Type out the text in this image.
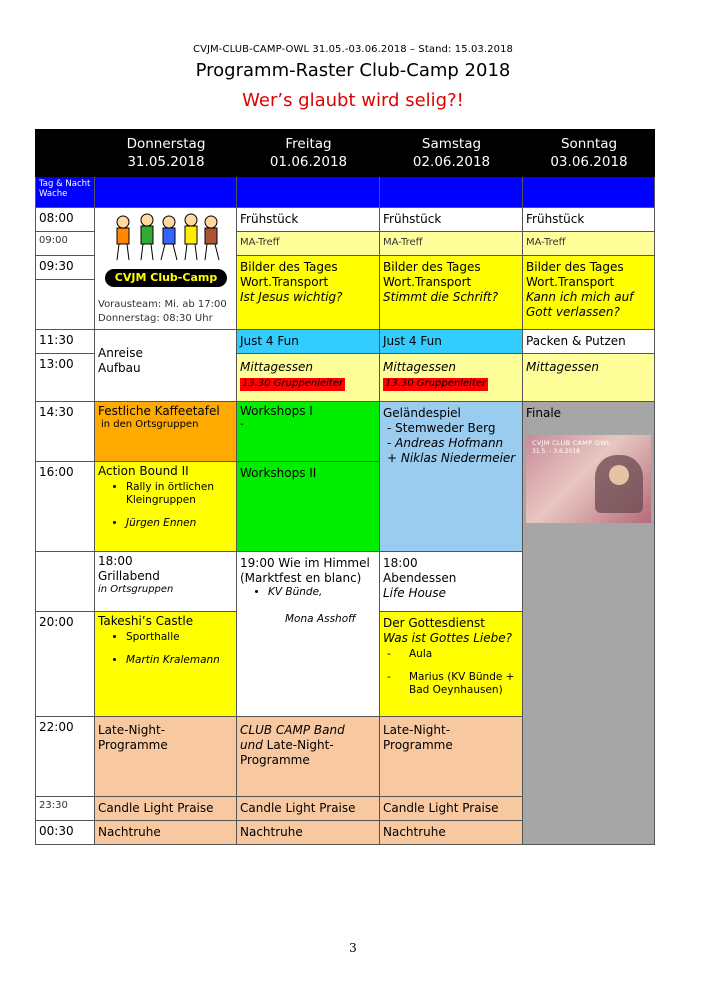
CVJM-CLUB-CAMP-OWL 31.05.-03.06.2018 – Stand: 15.03.2018
Programm-Raster Club-Camp 2018
Wer’s glaubt wird selig?!
Donnerstag
31.05.2018
Freitag
01.06.2018
Samstag
02.06.2018
Sonntag
03.06.2018
Tag & Nacht Wache
08:00
09:00
09:30
11:30
13:00
14:30
16:00
20:00
22:00
23:30
00:30
CVJM Club-Camp
Vorausteam: Mi. ab 17:00
Donnerstag: 08:30 Uhr
Anreise
Aufbau
Festliche Kaffeetafel
in den Ortsgruppen
Action Bound II
• Rally in örtlichen Kleingruppen
• Jürgen Ennen
18:00
Grillabend
in Ortsgruppen
Takeshi’s Castle
• Sporthalle
• Martin Kralemann
Late-Night-Programme
Candle Light Praise
Nachtruhe
Frühstück
MA-Treff
Bilder des Tages
Wort.Transport
Ist Jesus wichtig?
Just 4 Fun
Mittagessen
13.30 Gruppenleiter
Workshops I
-
Workshops II
19:00 Wie im Himmel
(Marktfest en blanc)
• KV Bünde,
Mona Asshoff
CLUB CAMP Band
und Late-Night-
Programme
Candle Light Praise
Nachtruhe
Frühstück
MA-Treff
Bilder des Tages
Wort.Transport
Stimmt die Schrift?
Just 4 Fun
Mittagessen
13.30 Gruppenleiter
Geländespiel
- Stemweder Berg
- Andreas Hofmann
+ Niklas Niedermeier
18:00
Abendessen
Life House
Der Gottesdienst
Was ist Gottes Liebe?
- Aula
-	Marius (KV Bünde + Bad Oeynhausen)
Late-Night-Programme
Candle Light Praise
Nachtruhe
Frühstück
MA-Treff
Bilder des Tages
Wort.Transport
Kann ich mich auf Gott verlassen?
Packen & Putzen
Mittagessen
Finale
CVJM CLUB CAMP OWL
31.5. - 3.6.2018
3
